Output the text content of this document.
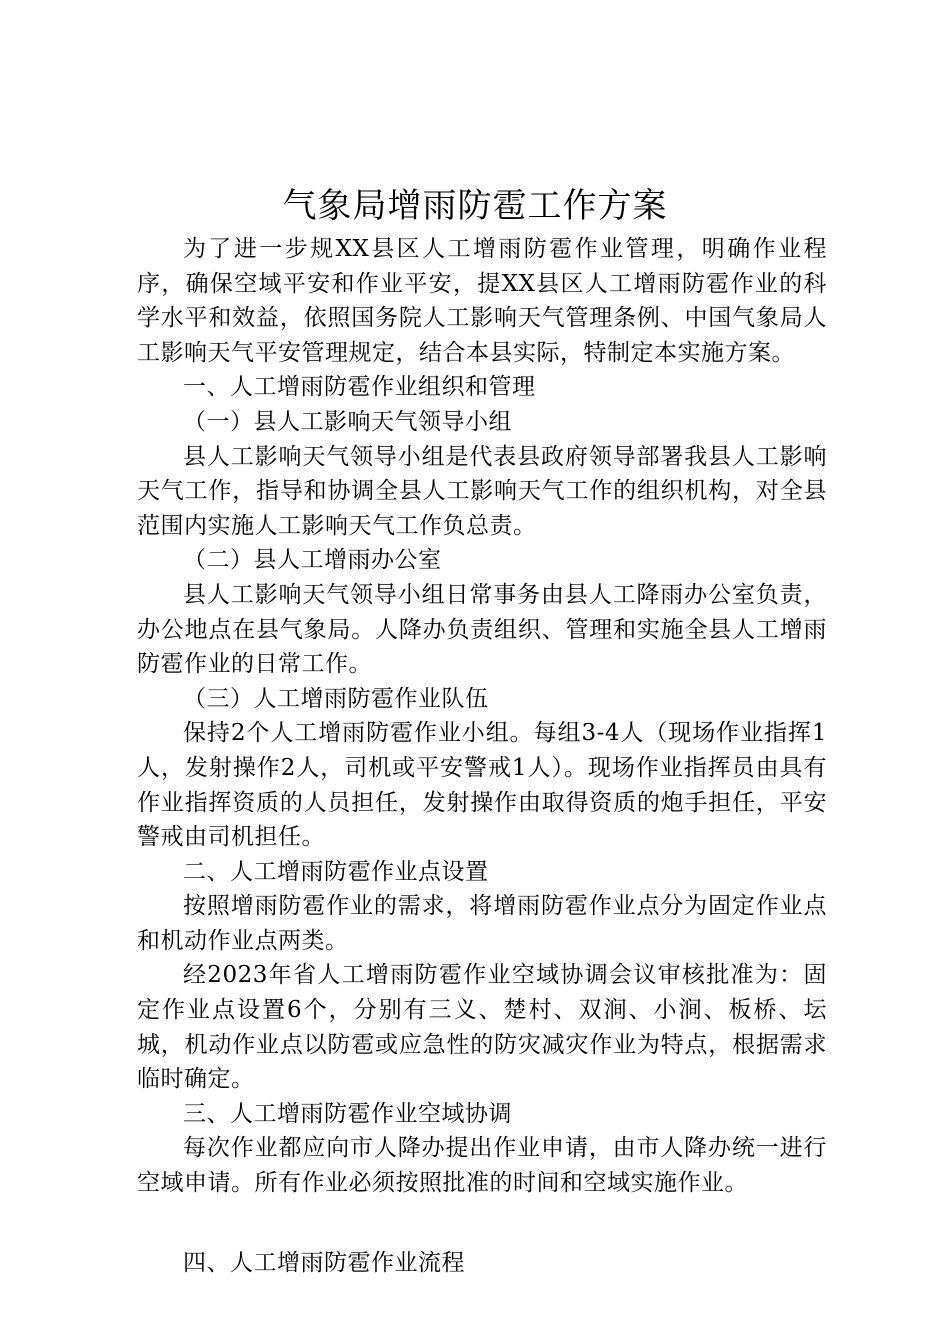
气象局增雨防雹工作方案

为了进一步规XX县区人工增雨防雹作业管理，明确作业程序，确保空域平安和作业平安，提XX县区人工增雨防雹作业的科学水平和效益，依照国务院人工影响天气管理条例、中国气象局人工影响天气平安管理规定，结合本县实际，特制定本实施方案。

一、人工增雨防雹作业组织和管理

（一）县人工影响天气领导小组

县人工影响天气领导小组是代表县政府领导部署我县人工影响天气工作，指导和协调全县人工影响天气工作的组织机构，对全县范围内实施人工影响天气工作负总责。

（二）县人工增雨办公室

县人工影响天气领导小组日常事务由县人工降雨办公室负责，办公地点在县气象局。人降办负责组织、管理和实施全县人工增雨防雹作业的日常工作。

（三）人工增雨防雹作业队伍

保持2个人工增雨防雹作业小组。每组3-4人（现场作业指挥1人，发射操作2人，司机或平安警戒1人）。现场作业指挥员由具有作业指挥资质的人员担任，发射操作由取得资质的炮手担任，平安警戒由司机担任。

二、人工增雨防雹作业点设置

按照增雨防雹作业的需求，将增雨防雹作业点分为固定作业点和机动作业点两类。

经2023年省人工增雨防雹作业空域协调会议审核批准为：固定作业点设置6个，分别有三义、楚村、双涧、小涧、板桥、坛城，机动作业点以防雹或应急性的防灾减灾作业为特点，根据需求临时确定。

三、人工增雨防雹作业空域协调

每次作业都应向市人降办提出作业申请，由市人降办统一进行空域申请。所有作业必须按照批准的时间和空域实施作业。

四、人工增雨防雹作业流程
